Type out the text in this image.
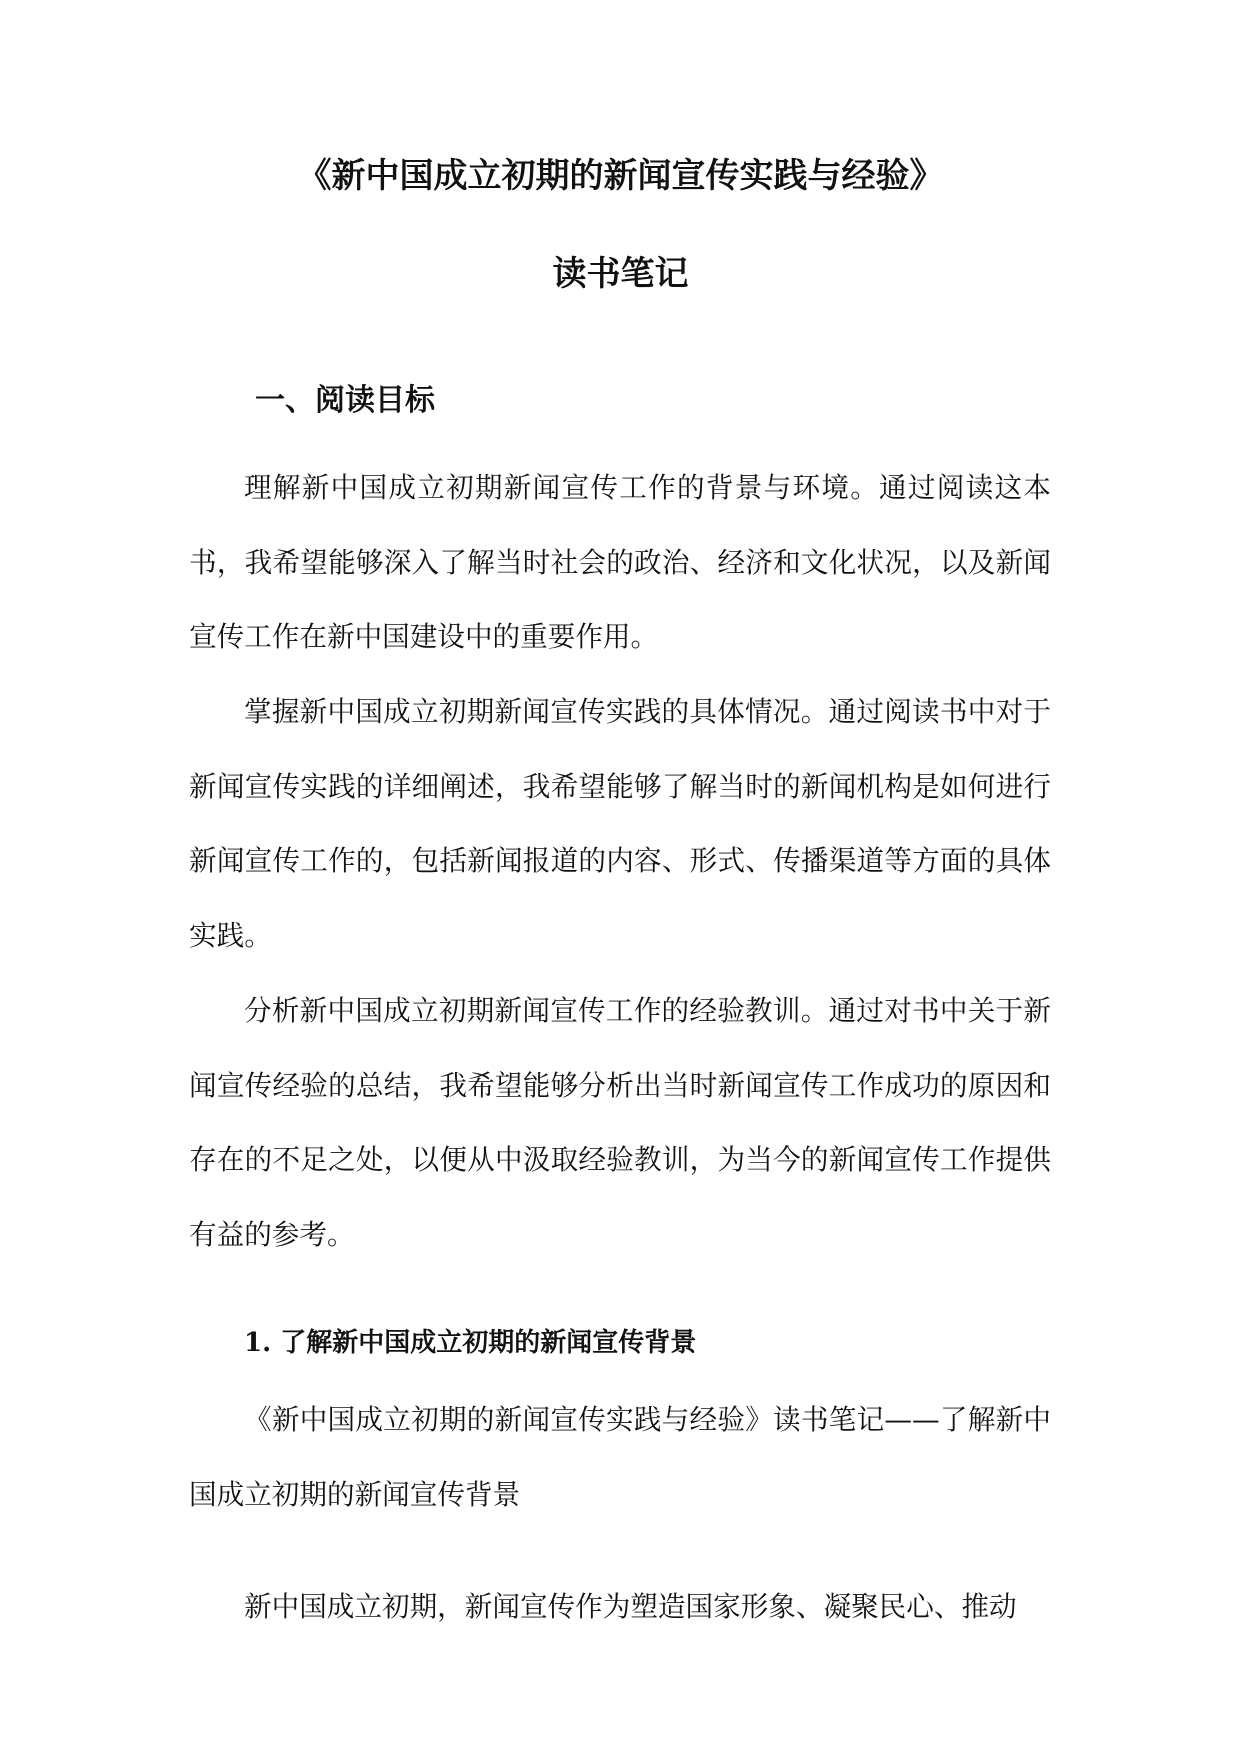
《新中国成立初期的新闻宣传实践与经验》
读书笔记
一、阅读目标

理解新中国成立初期新闻宣传工作的背景与环境。通过阅读这本书，我希望能够深入了解当时社会的政治、经济和文化状况，以及新闻宣传工作在新中国建设中的重要作用。

掌握新中国成立初期新闻宣传实践的具体情况。通过阅读书中对于新闻宣传实践的详细阐述，我希望能够了解当时的新闻机构是如何进行新闻宣传工作的，包括新闻报道的内容、形式、传播渠道等方面的具体实践。

分析新中国成立初期新闻宣传工作的经验教训。通过对书中关于新闻宣传经验的总结，我希望能够分析出当时新闻宣传工作成功的原因和存在的不足之处，以便从中汲取经验教训，为当今的新闻宣传工作提供有益的参考。

1. 了解新中国成立初期的新闻宣传背景

《新中国成立初期的新闻宣传实践与经验》读书笔记——了解新中国成立初期的新闻宣传背景

新中国成立初期，新闻宣传作为塑造国家形象、凝聚民心、推动
